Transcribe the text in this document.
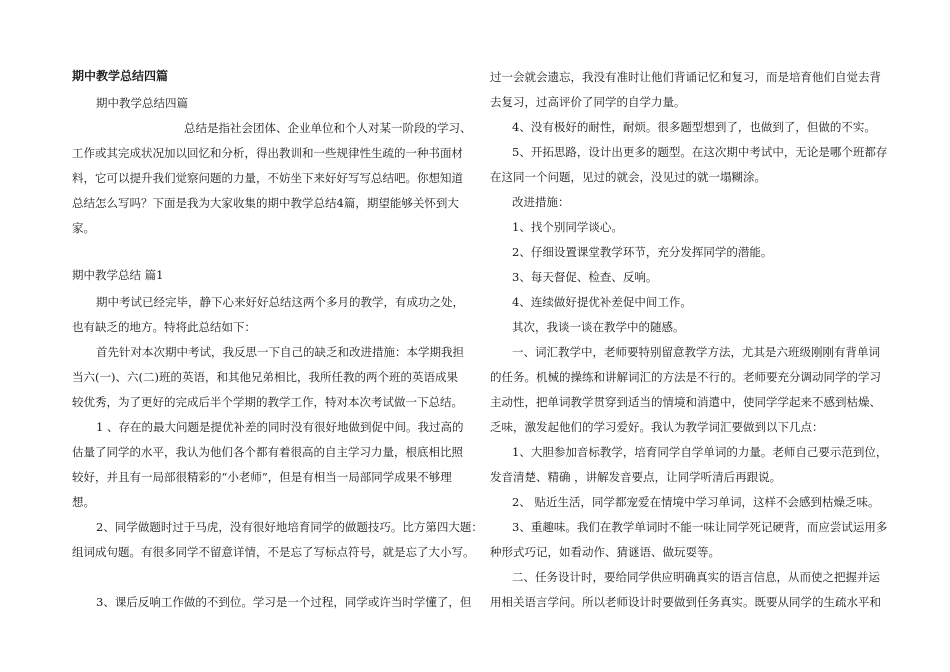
期中教学总结四篇
期中教学总结四篇
总结是指社会团体、企业单位和个人对某一阶段的学习、
工作或其完成状况加以回忆和分析，得出教训和一些规律性生疏的一种书面材
料，它可以提升我们觉察问题的力量，不妨坐下来好好写写总结吧。你想知道
总结怎么写吗？下面是我为大家收集的期中教学总结4篇，期望能够关怀到大
家。
期中教学总结 篇1
期中考试已经完毕，静下心来好好总结这两个多月的教学，有成功之处，
也有缺乏的地方。特将此总结如下：
首先针对本次期中考试，我反思一下自己的缺乏和改进措施：本学期我担
当六(一)、六(二)班的英语，和其他兄弟相比，我所任教的两个班的英语成果
较优秀，为了更好的完成后半个学期的教学工作，特对本次考试做一下总结。
1 、存在的最大问题是提优补差的同时没有很好地做到促中间。我过高的
估量了同学的水平，我认为他们各个都有着很高的自主学习力量，根底相比照
较好，并且有一局部很精彩的“小老师”，但是有相当一局部同学成果不够理
想。
2、同学做题时过于马虎，没有很好地培育同学的做题技巧。比方第四大题：
组词成句题。有很多同学不留意详情，不是忘了写标点符号，就是忘了大小写。
3、课后反响工作做的不到位。学习是一个过程，同学或许当时学懂了，但
过一会就会遗忘，我没有准时让他们背诵记忆和复习，而是培育他们自觉去背
去复习，过高评价了同学的自学力量。
4、没有极好的耐性，耐烦。很多题型想到了，也做到了，但做的不实。
5、开拓思路，设计出更多的题型。在这次期中考试中，无论是哪个班都存
在这同一个问题，见过的就会，没见过的就一塌糊涂。
改进措施：
1、找个别同学谈心。
2、仔细设置课堂教学环节，充分发挥同学的潜能。
3、每天督促、检查、反响。
4、连续做好提优补差促中间工作。
其次，我谈一谈在教学中的随感。
一、词汇教学中，老师要特别留意教学方法，尤其是六班级刚刚有背单词
的任务。机械的操练和讲解词汇的方法是不行的。老师要充分调动同学的学习
主动性，把单词教学贯穿到适当的情境和消遣中，使同学学起来不感到枯燥、
乏味，激发起他们的学习爱好。我认为教学词汇要做到以下几点：
1、大胆参加音标教学，培育同学自学单词的力量。老师自己要示范到位，
发音清楚、精确 ，讲解发音要点，让同学听清后再跟说。
2、 贴近生活，同学都宠爱在情境中学习单词，这样不会感到枯燥乏味。
3、重趣味。我们在教学单词时不能一味让同学死记硬背，而应尝试运用多
种形式巧记，如看动作、猜谜语、做玩耍等。
二、任务设计时，要给同学供应明确真实的语言信息，从而使之把握并运
用相关语言学问。所以老师设计时要做到任务真实。既要从同学的生疏水平和
